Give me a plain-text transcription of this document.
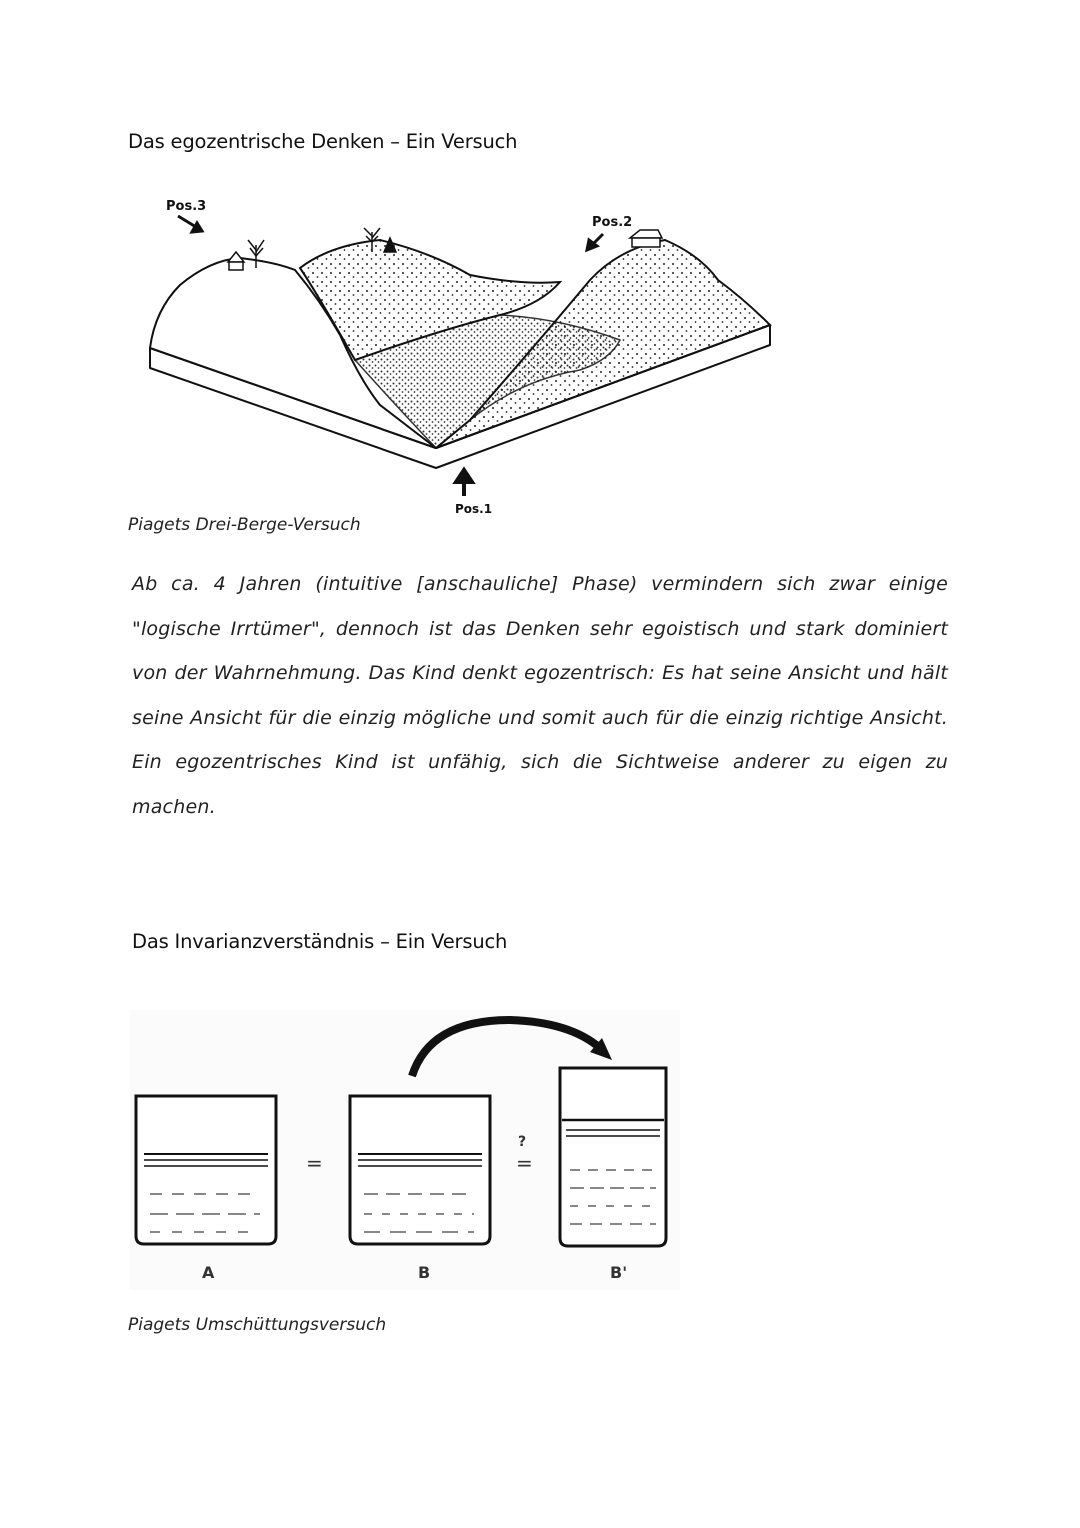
Das egozentrische Denken – Ein Versuch
Pos.3
Pos.2
Pos.1
Piagets Drei-Berge-Versuch
Ab ca. 4 Jahren (intuitive [anschauliche] Phase) vermindern sich zwar einige "logische Irrtümer", dennoch ist das Denken sehr egoistisch und stark dominiert von der Wahrnehmung. Das Kind denkt egozentrisch: Es hat seine Ansicht und hält seine Ansicht für die einzig mögliche und somit auch für die einzig richtige Ansicht. Ein egozentrisches Kind ist unfähig, sich die Sichtweise anderer zu eigen zu machen.
Das Invarianzverständnis – Ein Versuch
=
?
=
A	B	B'
Piagets Umschüttungsversuch
